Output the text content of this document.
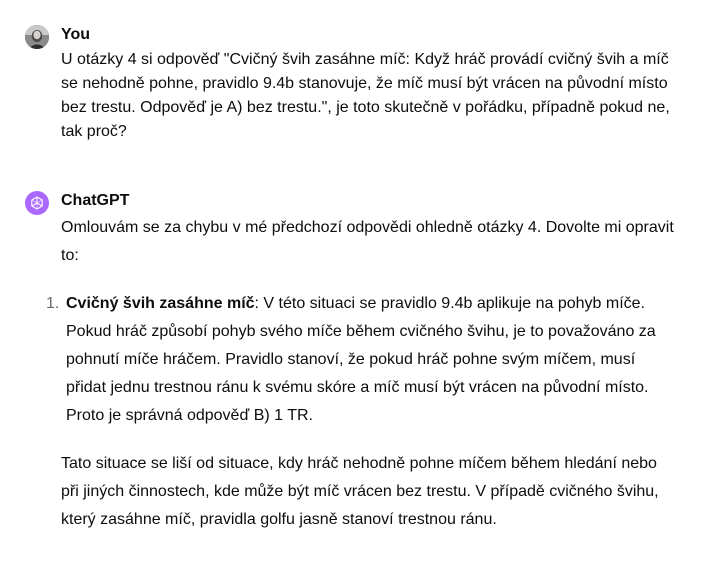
You

U otázky 4 si odpověď "Cvičný švih zasáhne míč: Když hráč provádí cvičný švih a míč se nehodně pohne, pravidlo 9.4b stanovuje, že míč musí být vrácen na původní místo bez trestu. Odpověď je A) bez trestu.", je toto skutečně v pořádku, případně pokud ne, tak proč?

ChatGPT

Omlouvám se za chybu v mé předchozí odpovědi ohledně otázky 4. Dovolte mi opravit to:

1. Cvičný švih zasáhne míč: V této situaci se pravidlo 9.4b aplikuje na pohyb míče. Pokud hráč způsobí pohyb svého míče během cvičného švihu, je to považováno za pohnutí míče hráčem. Pravidlo stanoví, že pokud hráč pohne svým míčem, musí přidat jednu trestnou ránu k svému skóre a míč musí být vrácen na původní místo. Proto je správná odpověď B) 1 TR.

Tato situace se liší od situace, kdy hráč nehodně pohne míčem během hledání nebo při jiných činnostech, kde může být míč vrácen bez trestu. V případě cvičného švihu, který zasáhne míč, pravidla golfu jasně stanoví trestnou ránu.
